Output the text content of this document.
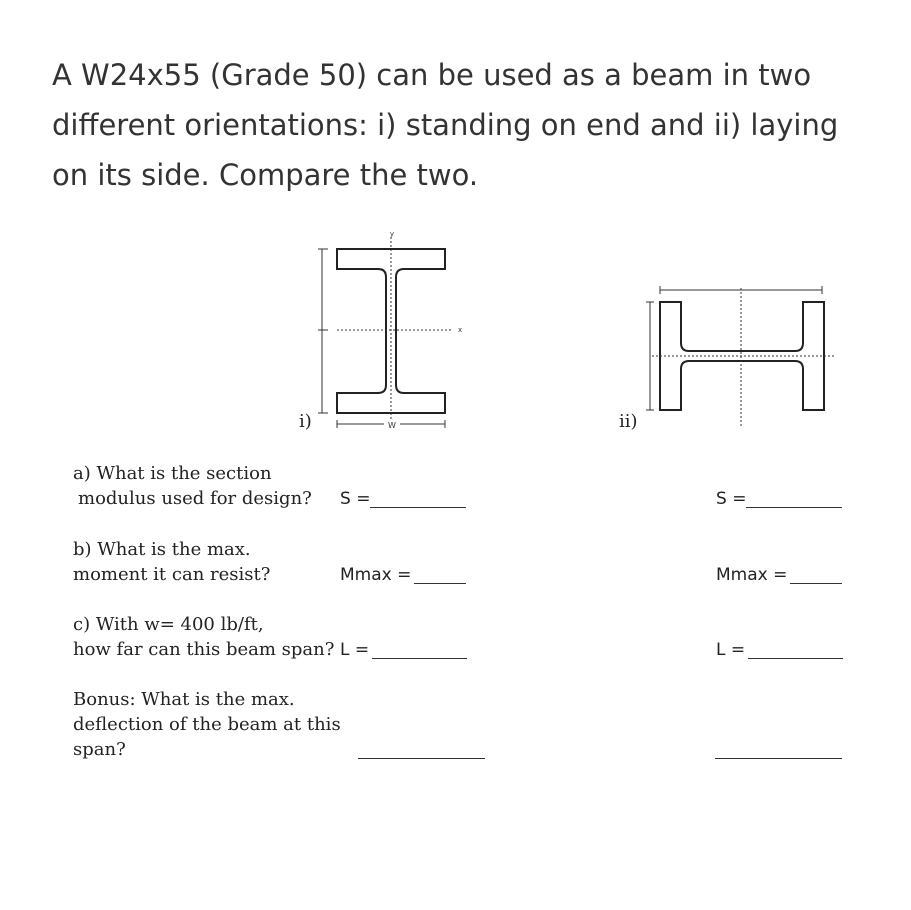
A W24x55 (Grade 50) can be used as a beam in two
different orientations: i) standing on end and ii) laying
on its side. Compare the two.
W
y
x
i)	ii)
a) What is the section
modulus used for design? S =	S =
b) What is the max.
moment it can resist?	Mmax =	Mmax =
c) With w= 400 lb/ft,
how far can this beam span? L =	L =
Bonus: What is the max.
deflection of the beam at this
span?
